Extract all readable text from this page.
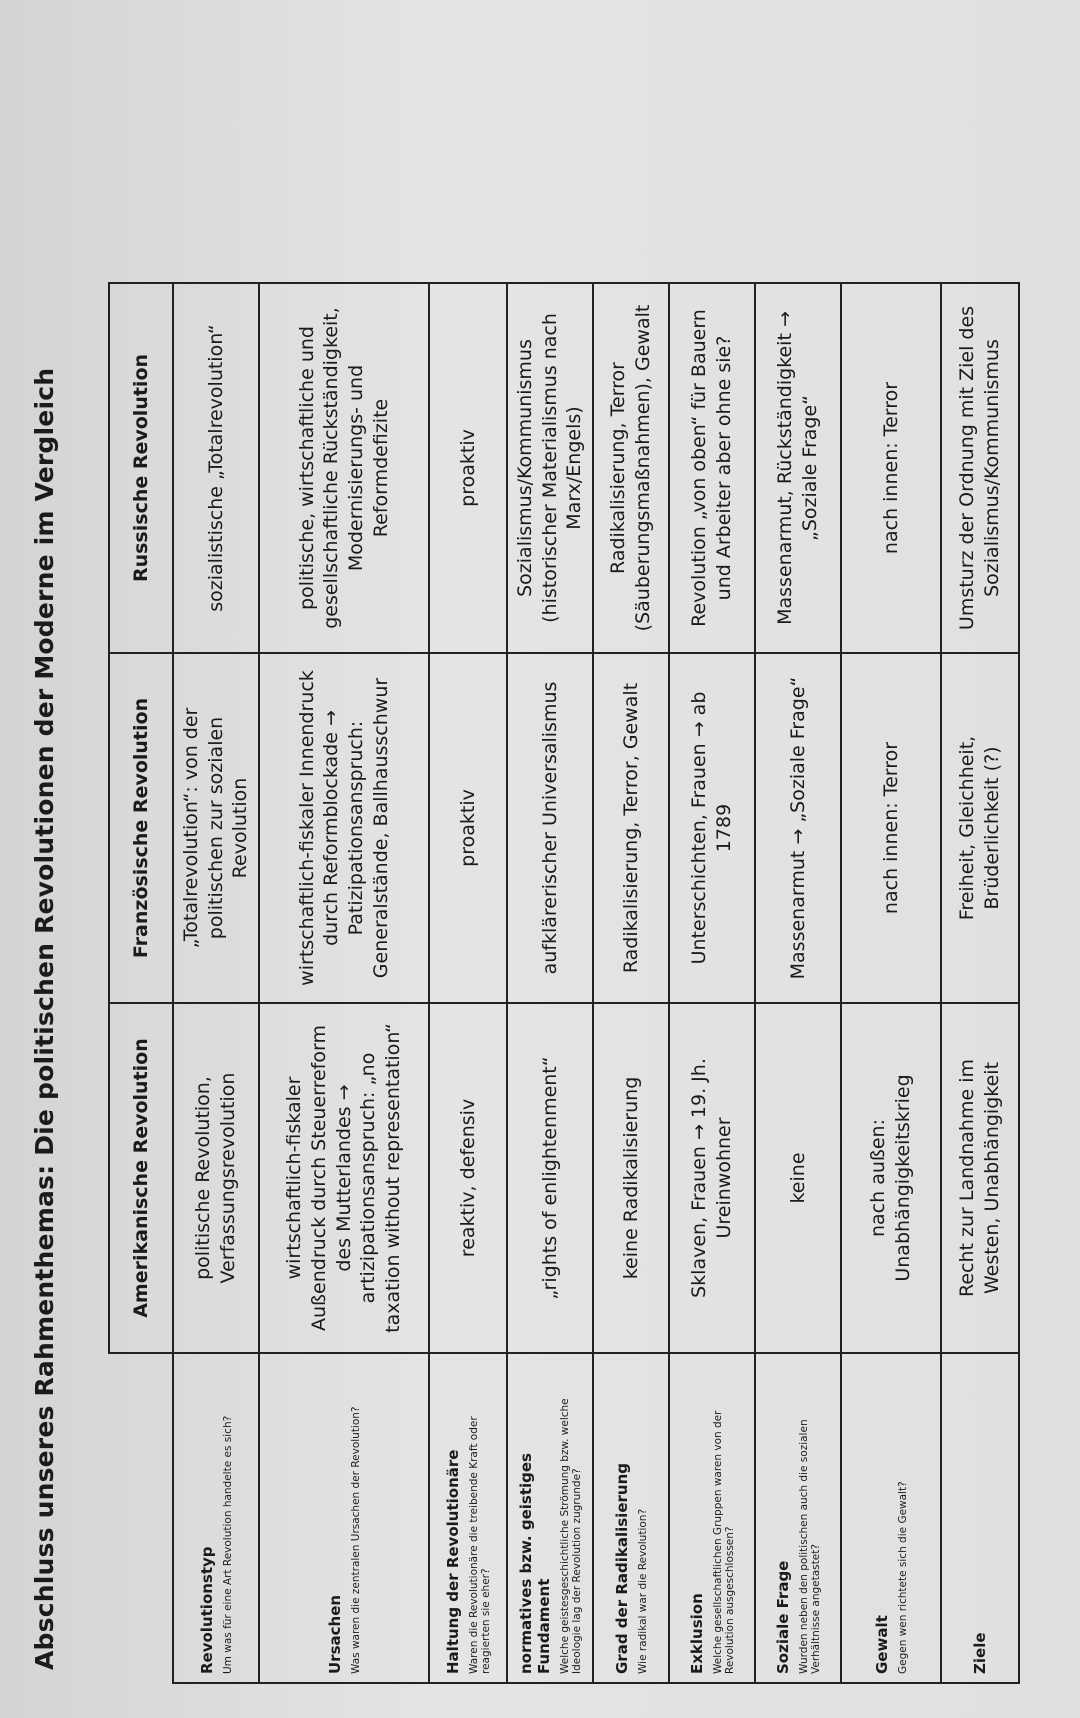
Abschluss unseres Rahmenthemas: Die politischen Revolutionen der Moderne im Vergleich
		Amerikanische Revolution	Französische Revolution	Russische Revolution

Revolutionstyp Um was für eine Art Revolution handelte es sich?	politische Revolution, Verfassungsrevolution	„Totalrevolution“: von der politischen zur sozialen Revolution	sozialistische „Totalrevolution“

Ursachen Was waren die zentralen Ursachen der Revolution?	wirtschaftlich-fiskaler Außendruck durch Steuerreform des Mutterlandes → artizipationsanspruch: „no taxation without representation“	wirtschaftlich-fiskaler Innendruck durch Reformblockade → Patizipationsanspruch: Generalstände, Ballhausschwur	politische, wirtschaftliche und gesellschaftliche Rückständigkeit, Modernisierungs- und Reformdefizite

Haltung der Revolutionäre Waren die Revolutionäre die treibende Kraft oder reagierten sie eher?	reaktiv, defensiv	proaktiv	proaktiv

normatives bzw. geistiges Fundament Welche geistesgeschichtliche Strömung bzw. welche Ideologie lag der Revolution zugrunde?	„rights of enlightenment“	aufklärerischer Universalismus	Sozialismus/Kommunismus (historischer Materialismus nach Marx/Engels)

Grad der Radikalisierung Wie radikal war die Revolution?	keine Radikalisierung	Radikalisierung, Terror, Gewalt	Radikalisierung, Terror (Säuberungsmaßnahmen), Gewalt

Exklusion Welche gesellschaftlichen Gruppen waren von der Revolution ausgeschlossen?	Sklaven, Frauen → 19. Jh. Ureinwohner	Unterschichten, Frauen → ab 1789	Revolution „von oben“ für Bauern und Arbeiter aber ohne sie?

Soziale Frage Wurden neben den politischen auch die sozialen Verhältnisse angetastet?	keine	Massenarmut → „Soziale Frage“	Massenarmut, Rückständigkeit → „Soziale Frage“

Gewalt Gegen wen richtete sich die Gewalt?	nach außen: Unabhängigkeitskrieg	nach innen: Terror	nach innen: Terror

Ziele	Recht zur Landnahme im Westen, Unabhängigkeit	Freiheit, Gleichheit, Brüderlichkeit (?)	Umsturz der Ordnung mit Ziel des Sozialismus/Kommunismus
